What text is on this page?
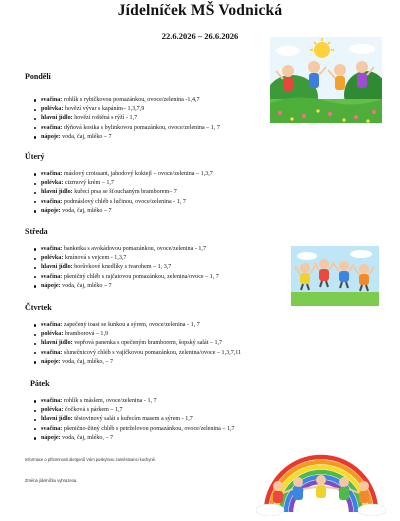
Jídelníček MŠ Vodnická
22.6.2026 – 26.6.2026
Pondělí
svačina: rohlík s rybičkovou pomazánkou, ovoce/zelenina -1,4,7
polévka: hovězí vývar s kapáním– 1,3,7,9
hlavní jídlo: hovězí roštěná s rýží - 1,7
svačina: dýňová kostka s bylinkovou pomazánkou, ovoce/zelenina – 1, 7
nápoje: voda, čaj, mléko – 7
Úterý
svačina: máslový croissant, jahodový koktejl – ovoce/zelenina – 1,3,7
polévka: cizrnový krém – 1,7
hlavní jídlo: kuřecí prsa se šťouchaným bramborem– 7
svačina: podmáslový chléb s lučinou, ovoce/zelenina - 1, 7
nápoje: voda, čaj, mléko – 7
Středa
svačina: banketka s avokádovou pomazánkou, ovoce/zelenina - 1,7
polévka: kmínová s vejcem - 1,3,7
hlavní jídlo: borůvkové knedlíky s tvarohem – 1, 3,7
svačina: pšeničný chléb s rajčatovou pomazánkou, zelenina/ovoce – 1, 7
nápoje: voda, čaj, mléko – 7
Čtvrtek
svačina: zapečený toast se šunkou a sýrem, ovoce/zelenina - 1, 7
polévka: bramborová – 1,9
hlavní jídlo: vepřová panenka s opečeným bramborem, šopský salát – 1,7
svačina: slunečnicový chléb s vajíčkovou pomazánkou, zelenina/ovoce – 1,3,7,11
nápoje: voda, čaj, mléko, – 7
Pátek
svačina: rohlík s máslem, ovoce/zelenina - 1, 7
polévka: čočková s párkem – 1,7
hlavní jídlo: těstovinový salát s kuřecím masem a sýrem - 1,7
svačina: pšenično-žitný chléb s petrželovou pomazánkou, ovoce/zelenina – 1,7
nápoje: voda, čaj, mléko, – 7
Informace o přítomnosti alergenů Vám poskytnou zaměstnanci kuchyně.
Změna jídelníčku vyhrazena.
